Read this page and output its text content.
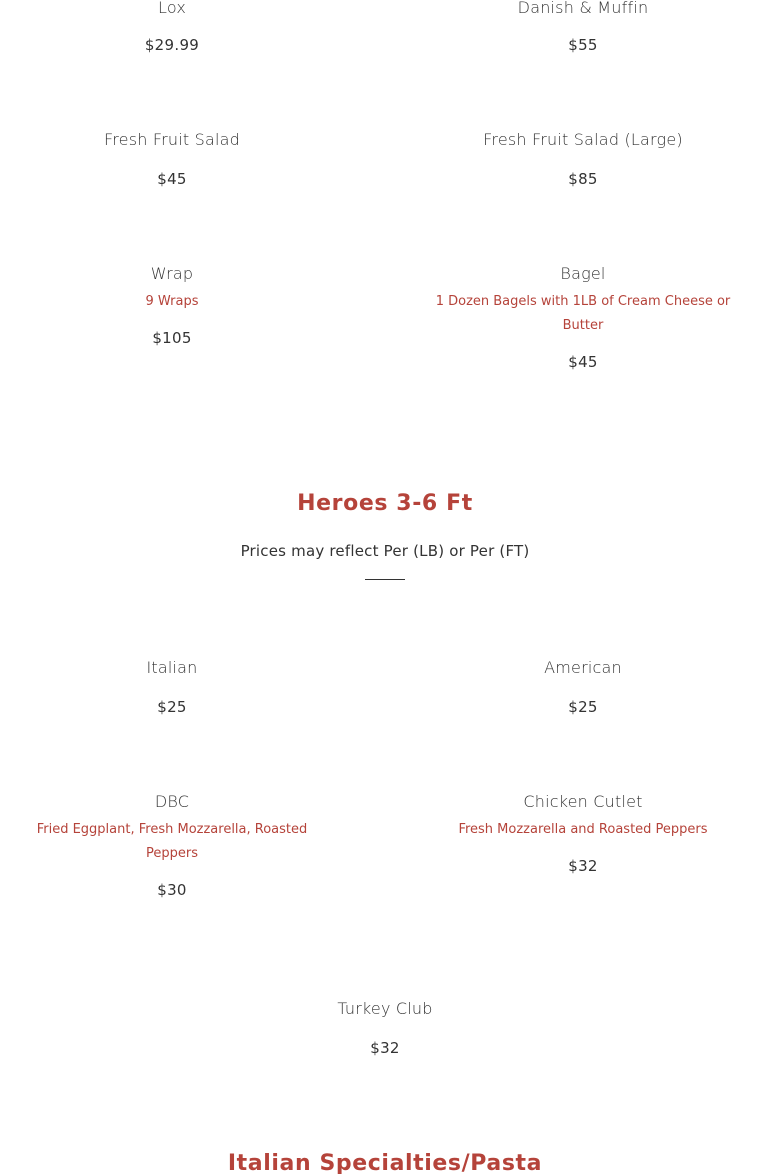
Lox

$29.99

Danish & Muffin

$55

Fresh Fruit Salad

$45

Fresh Fruit Salad (Large)

$85

Wrap

9 Wraps

$105

Bagel

1 Dozen Bagels with 1LB of Cream Cheese or Butter

$45

Heroes 3-6 Ft

Prices may reflect Per (LB) or Per (FT)

Italian

$25

American

$25

DBC

Fried Eggplant, Fresh Mozzarella, Roasted Peppers

$30

Chicken Cutlet

Fresh Mozzarella and Roasted Peppers

$32

Turkey Club

$32

Italian Specialties/Pasta
